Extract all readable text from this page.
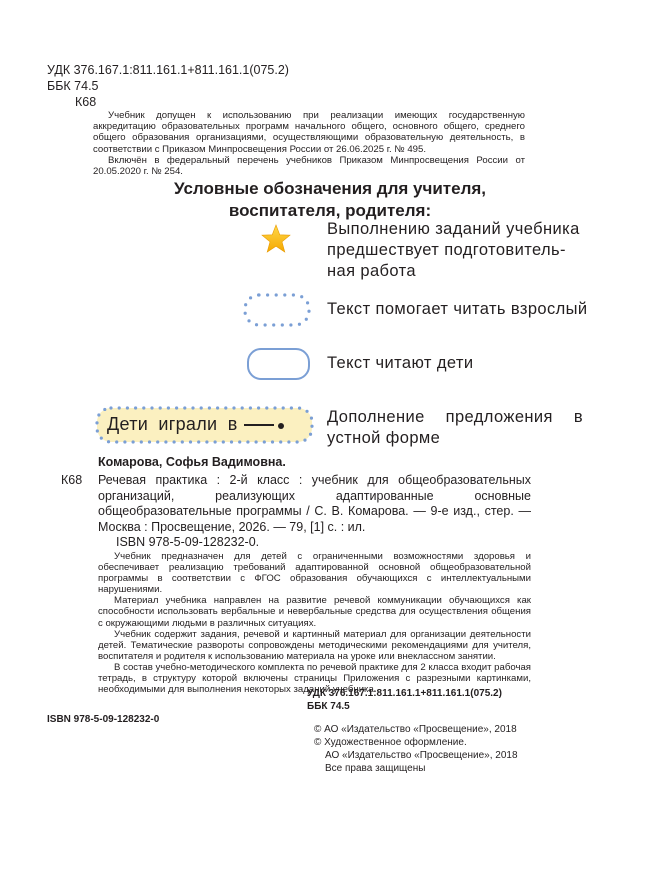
УДК 376.167.1:811.161.1+811.161.1(075.2)
ББК 74.5
К68

Учебник допущен к использованию при реализации имеющих государственную аккредитацию образовательных программ начального общего, основного общего, среднего общего образования организациями, осуществляющими образовательную деятельность, в соответствии с Приказом Минпросвещения России от 26.06.2025 г. № 495.

Включён в федеральный перечень учебников Приказом Минпросвещения России от 20.05.2020 г. № 254.

Условные обозначения для учителя,
воспитателя, родителя:
Выполнению заданий учебника
предшествует подготовитель-
ная работа
Текст помогает читать взрослый
Текст читают дети
Дети играли в	Дополнение предложения в
устной форме
Комарова, Софья Вадимовна.
К68 Речевая практика : 2-й класс : учебник для общеобразовательных организаций, реализующих адаптированные основные общеобразовательные программы / С. В. Комарова. — 9-е изд., стер. — Москва : Просвещение, 2026. — 79, [1] с. : ил.

ISBN 978-5-09-128232-0.

Учебник предназначен для детей с ограниченными возможностями здоровья и обеспечивает реализацию требований адаптированной основной общеобразовательной программы в соответствии с ФГОС образования обучающихся с интеллектуальными нарушениями.

Материал учебника направлен на развитие речевой коммуникации обучающихся как способности использовать вербальные и невербальные средства для осуществления общения с окружающими людьми в различных ситуациях.

Учебник содержит задания, речевой и картинный материал для организации деятельности детей. Тематические развороты сопровождены методическими рекомендациями для учителя, воспитателя и родителя к использованию материала на уроке или внеклассном занятии.

В состав учебно-методического комплекта по речевой практике для 2 класса входит рабочая тетрадь, в структуру которой включены страницы Приложения с разрезными картинками, необходимыми для выполнения некоторых заданий учебника.

УДК 376.167.1:811.161.1+811.161.1(075.2)
ББК 74.5
ISBN 978-5-09-128232-0
© АО «Издательство «Просвещение», 2018
© Художественное оформление.
АО «Издательство «Просвещение», 2018
Все права защищены
